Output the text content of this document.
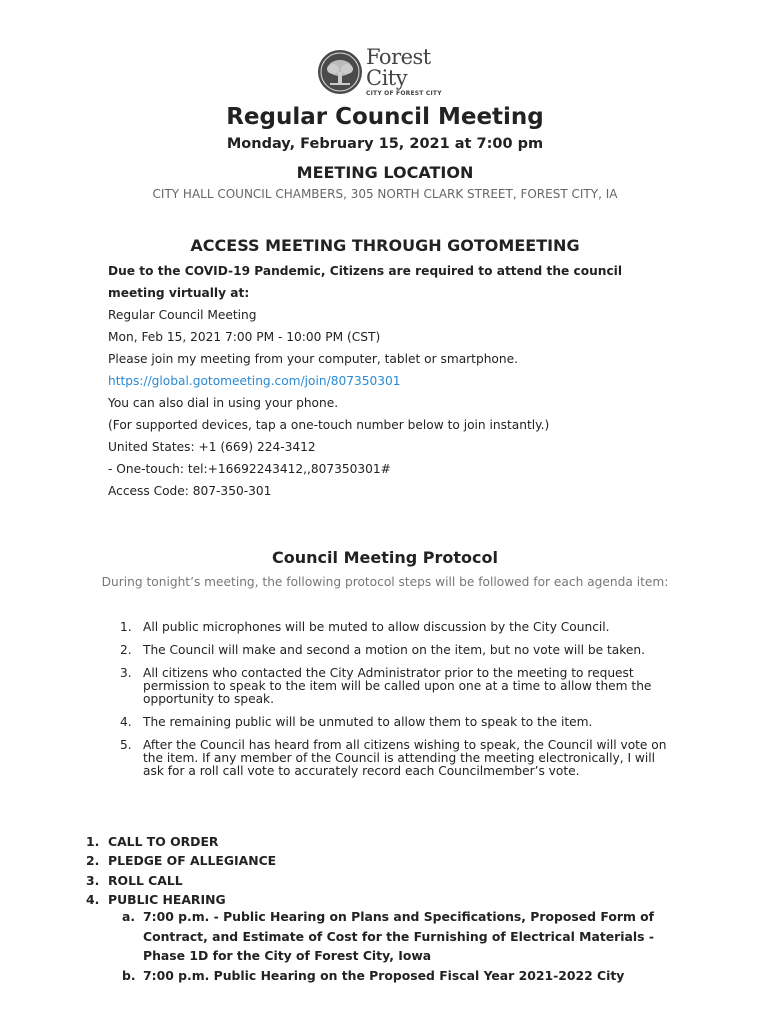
Forest City
CITY OF FOREST CITY
Regular Council Meeting
Monday, February 15, 2021 at 7:00 pm
MEETING LOCATION
CITY HALL COUNCIL CHAMBERS, 305 NORTH CLARK STREET, FOREST CITY, IA
ACCESS MEETING THROUGH GOTOMEETING
Due to the COVID-19 Pandemic, Citizens are required to attend the council
meeting virtually at:
Regular Council Meeting
Mon, Feb 15, 2021 7:00 PM - 10:00 PM (CST)
Please join my meeting from your computer, tablet or smartphone.
https://global.gotomeeting.com/join/807350301
You can also dial in using your phone.
(For supported devices, tap a one-touch number below to join instantly.)
United States: +1 (669) 224-3412
- One-touch: tel:+16692243412,,807350301#
Access Code: 807-350-301
Council Meeting Protocol
During tonight’s meeting, the following protocol steps will be followed for each agenda item:
1. All public microphones will be muted to allow discussion by the City Council.
2. The Council will make and second a motion on the item, but no vote will be taken.
3. All citizens who contacted the City Administrator prior to the meeting to request permission to speak to the item will be called upon one at a time to allow them the opportunity to speak.
4. The remaining public will be unmuted to allow them to speak to the item.
5. After the Council has heard from all citizens wishing to speak, the Council will vote on the item. If any member of the Council is attending the meeting electronically, I will ask for a roll call vote to accurately record each Councilmember’s vote.
1. CALL TO ORDER
2. PLEDGE OF ALLEGIANCE
3. ROLL CALL
4. PUBLIC HEARING
a. 7:00 p.m. - Public Hearing on Plans and Specifications, Proposed Form of Contract, and Estimate of Cost for the Furnishing of Electrical Materials - Phase 1D for the City of Forest City, Iowa
b. 7:00 p.m. Public Hearing on the Proposed Fiscal Year 2021-2022 City
